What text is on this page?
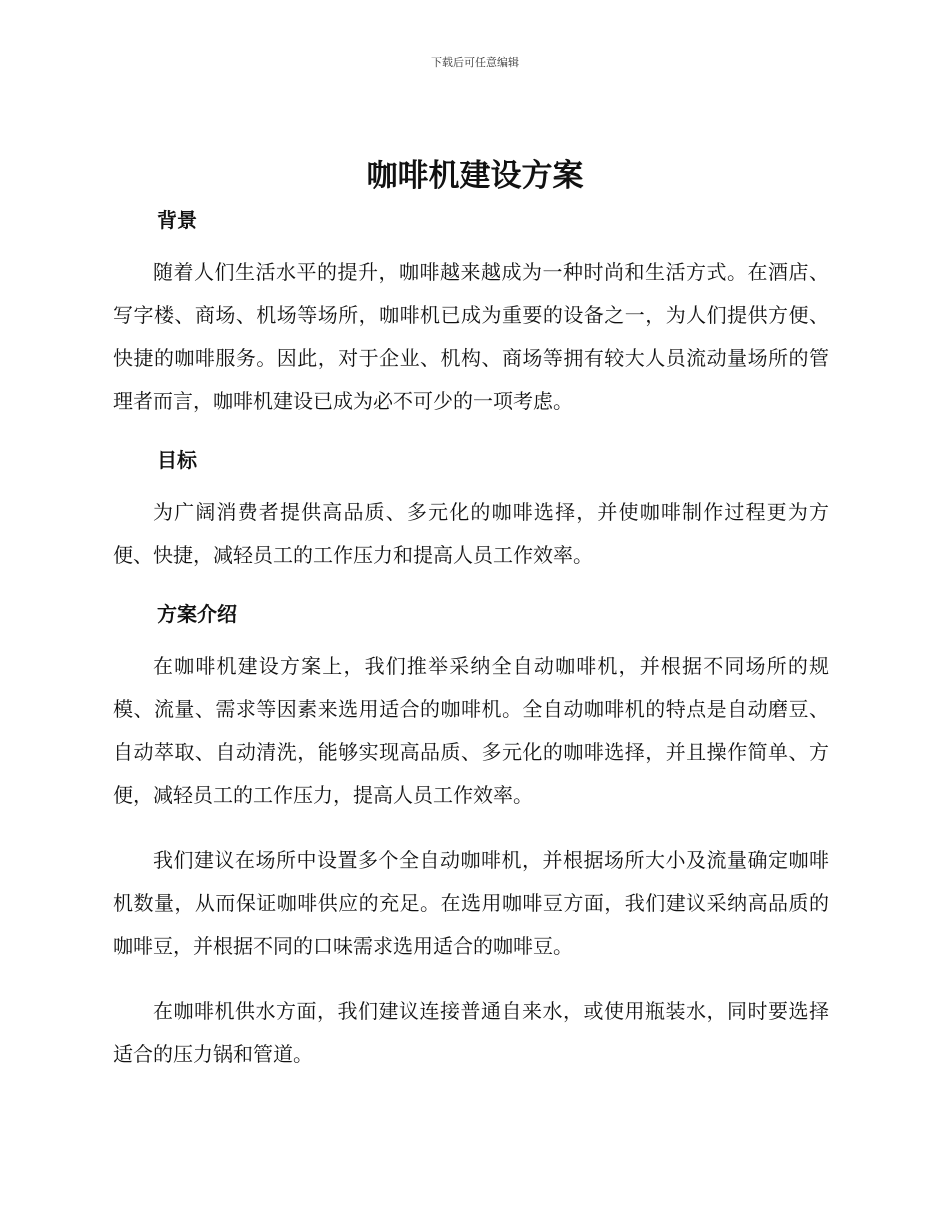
下载后可任意编辑
咖啡机建设方案
背景

随着人们生活水平的提升，咖啡越来越成为一种时尚和生活方式。在酒店、写字楼、商场、机场等场所，咖啡机已成为重要的设备之一，为人们提供方便、快捷的咖啡服务。因此，对于企业、机构、商场等拥有较大人员流动量场所的管理者而言，咖啡机建设已成为必不可少的一项考虑。

目标

为广阔消费者提供高品质、多元化的咖啡选择，并使咖啡制作过程更为方便、快捷，减轻员工的工作压力和提高人员工作效率。

方案介绍

在咖啡机建设方案上，我们推举采纳全自动咖啡机，并根据不同场所的规模、流量、需求等因素来选用适合的咖啡机。全自动咖啡机的特点是自动磨豆、自动萃取、自动清洗，能够实现高品质、多元化的咖啡选择，并且操作简单、方便，减轻员工的工作压力，提高人员工作效率。

我们建议在场所中设置多个全自动咖啡机，并根据场所大小及流量确定咖啡机数量，从而保证咖啡供应的充足。在选用咖啡豆方面，我们建议采纳高品质的咖啡豆，并根据不同的口味需求选用适合的咖啡豆。

在咖啡机供水方面，我们建议连接普通自来水，或使用瓶装水，同时要选择适合的压力锅和管道。
